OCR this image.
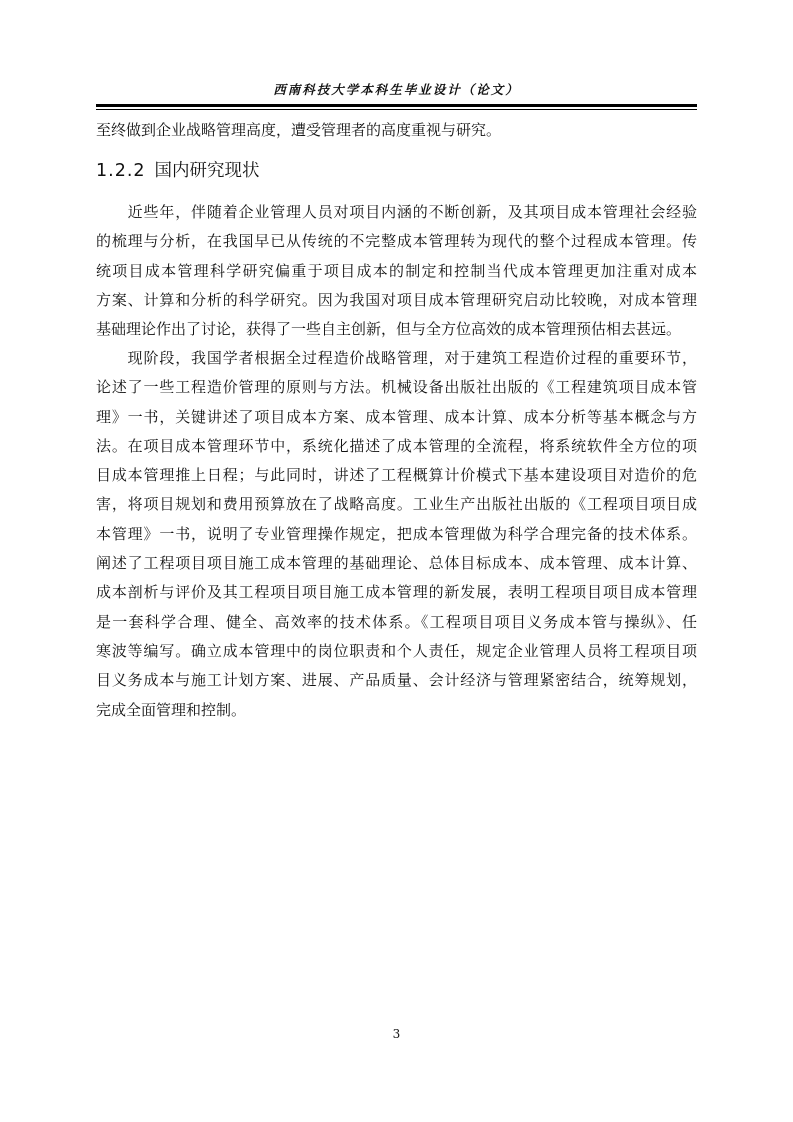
西南科技大学本科生毕业设计（论文）
至终做到企业战略管理高度，遭受管理者的高度重视与研究。
1.2.2 国内研究现状
　　近些年，伴随着企业管理人员对项目内涵的不断创新，及其项目成本管理社会经验
的梳理与分析，在我国早已从传统的不完整成本管理转为现代的整个过程成本管理。传
统项目成本管理科学研究偏重于项目成本的制定和控制当代成本管理更加注重对成本
方案、计算和分析的科学研究。因为我国对项目成本管理研究启动比较晚，对成本管理
基础理论作出了讨论，获得了一些自主创新，但与全方位高效的成本管理预估相去甚远。
　　现阶段，我国学者根据全过程造价战略管理，对于建筑工程造价过程的重要环节，
论述了一些工程造价管理的原则与方法。机械设备出版社出版的《工程建筑项目成本管
理》一书，关键讲述了项目成本方案、成本管理、成本计算、成本分析等基本概念与方
法。在项目成本管理环节中，系统化描述了成本管理的全流程，将系统软件全方位的项
目成本管理推上日程；与此同时，讲述了工程概算计价模式下基本建设项目对造价的危
害，将项目规划和费用预算放在了战略高度。工业生产出版社出版的《工程项目项目成
本管理》一书，说明了专业管理操作规定，把成本管理做为科学合理完备的技术体系。
阐述了工程项目项目施工成本管理的基础理论、总体目标成本、成本管理、成本计算、
成本剖析与评价及其工程项目项目施工成本管理的新发展，表明工程项目项目成本管理
是一套科学合理、健全、高效率的技术体系。《工程项目项目义务成本管与操纵》、任
寒波等编写。确立成本管理中的岗位职责和个人责任，规定企业管理人员将工程项目项
目义务成本与施工计划方案、进展、产品质量、会计经济与管理紧密结合，统筹规划，
完成全面管理和控制。
3
